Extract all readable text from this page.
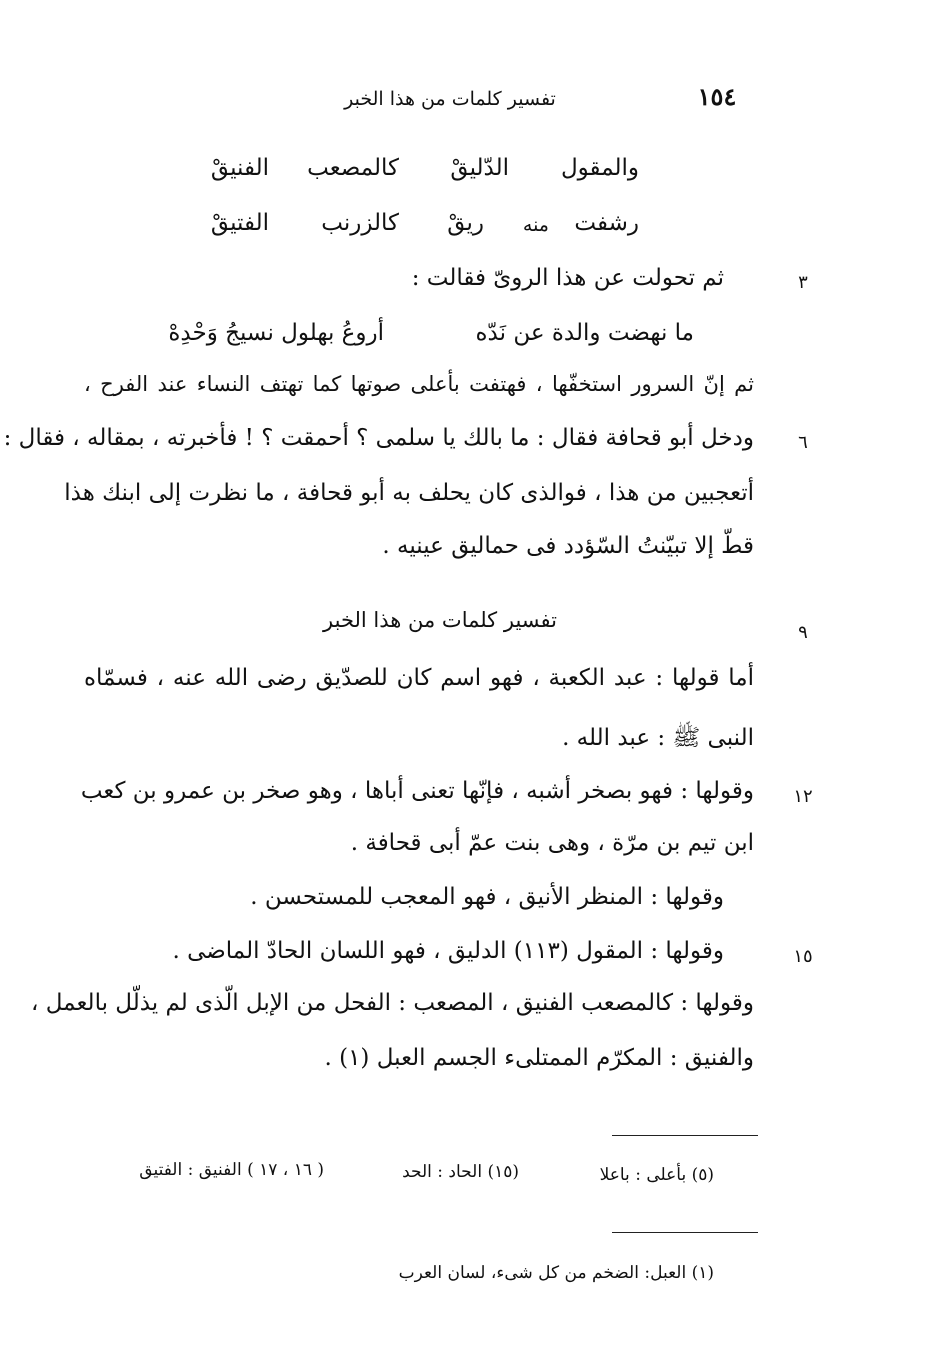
تفسير كلمات من هذا الخبر	١٥٤
والمقول
الدّليقْ
كالمصعب
الفنيقْ
رشفت
منه
ريقْ
كالزرنب
الفتيقْ
٣
ثم تحولت عن هذا الروىّ فقالت :
ما نهضت والدة عن نَدّه
أروعُ بهلول نسيجُ وَحْدِهْ
ثم إنّ السرور استخفّها ، فهتفت بأعلى صوتها كما تهتف النساء عند الفرح ،
٦
ودخل أبو قحافة فقال : ما بالك يا سلمى ؟ أحمقت ؟ ! فأخبرته ، بمقاله ، فقال :
أتعجبين من هذا ، فوالذى كان يحلف به أبو قحافة ، ما نظرت إلى ابنك هذا
قطّ إلا تبيّنتُ السّؤدد فى حماليق عينيه .
٩
تفسير كلمات من هذا الخبر
أما قولها : عبد الكعبة ، فهو اسم كان للصدّيق رضى الله عنه ، فسمّاه
النبى ﷺ : عبد الله .
١٢
وقولها : فهو بصخر أشبه ، فإنّها تعنى أباها ، وهو صخر بن عمرو بن كعب
ابن تيم بن مرّة ، وهى بنت عمّ أبى قحافة .
وقولها : المنظر الأنيق ، فهو المعجب للمستحسن .
١٥
وقولها : المقول (١١٣) الدليق ، فهو اللسان الحادّ الماضى .
وقولها : كالمصعب الفنيق ، المصعب : الفحل من الإبل الّذى لم يذلّل بالعمل ،
والفنيق : المكرّم الممتلىء الجسم العبل (١) .
(٥) بأعلى : باعلا
(١٥) الحاد : الحد
( ١٦ ، ١٧ ) الفنيق : الفتيق
(١) العبل: الضخم من كل شىء، لسان العرب
